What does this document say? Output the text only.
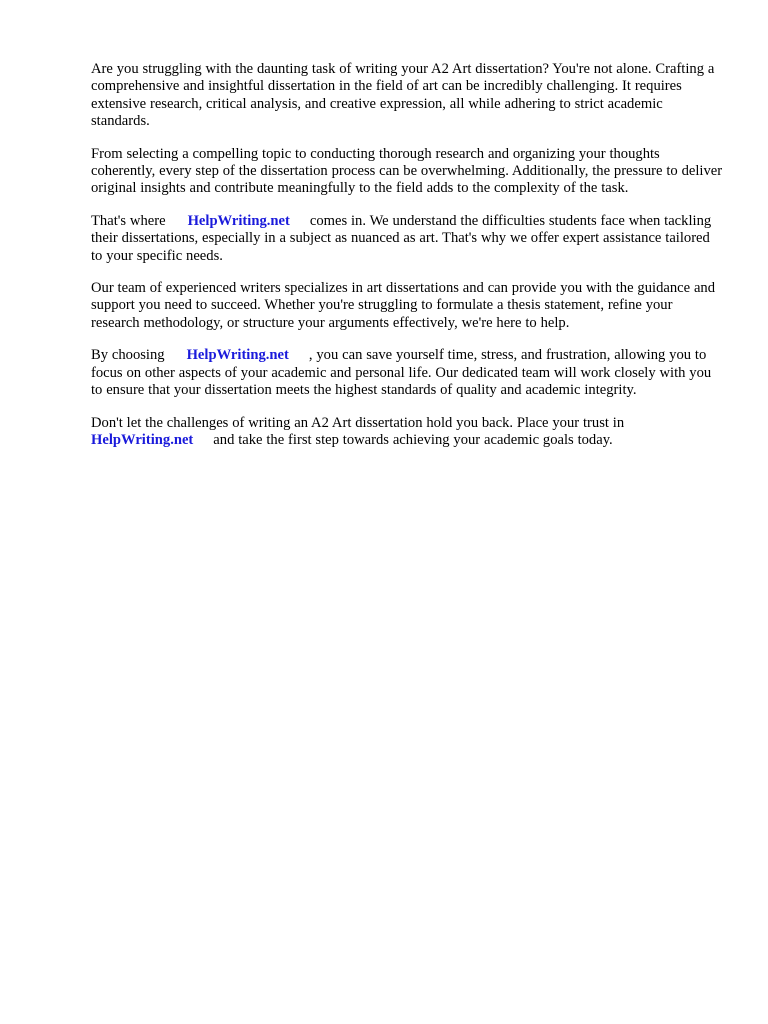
Are you struggling with the daunting task of writing your A2 Art dissertation? You're not alone. Crafting a comprehensive and insightful dissertation in the field of art can be incredibly challenging. It requires extensive research, critical analysis, and creative expression, all while adhering to strict academic standards.

From selecting a compelling topic to conducting thorough research and organizing your thoughts coherently, every step of the dissertation process can be overwhelming. Additionally, the pressure to deliver original insights and contribute meaningfully to the field adds to the complexity of the task.

That's where HelpWriting.net comes in. We understand the difficulties students face when tackling their dissertations, especially in a subject as nuanced as art. That's why we offer expert assistance tailored to your specific needs.

Our team of experienced writers specializes in art dissertations and can provide you with the guidance and support you need to succeed. Whether you're struggling to formulate a thesis statement, refine your research methodology, or structure your arguments effectively, we're here to help.

By choosing HelpWriting.net , you can save yourself time, stress, and frustration, allowing you to focus on other aspects of your academic and personal life. Our dedicated team will work closely with you to ensure that your dissertation meets the highest standards of quality and academic integrity.

Don't let the challenges of writing an A2 Art dissertation hold you back. Place your trust in HelpWriting.net and take the first step towards achieving your academic goals today.
